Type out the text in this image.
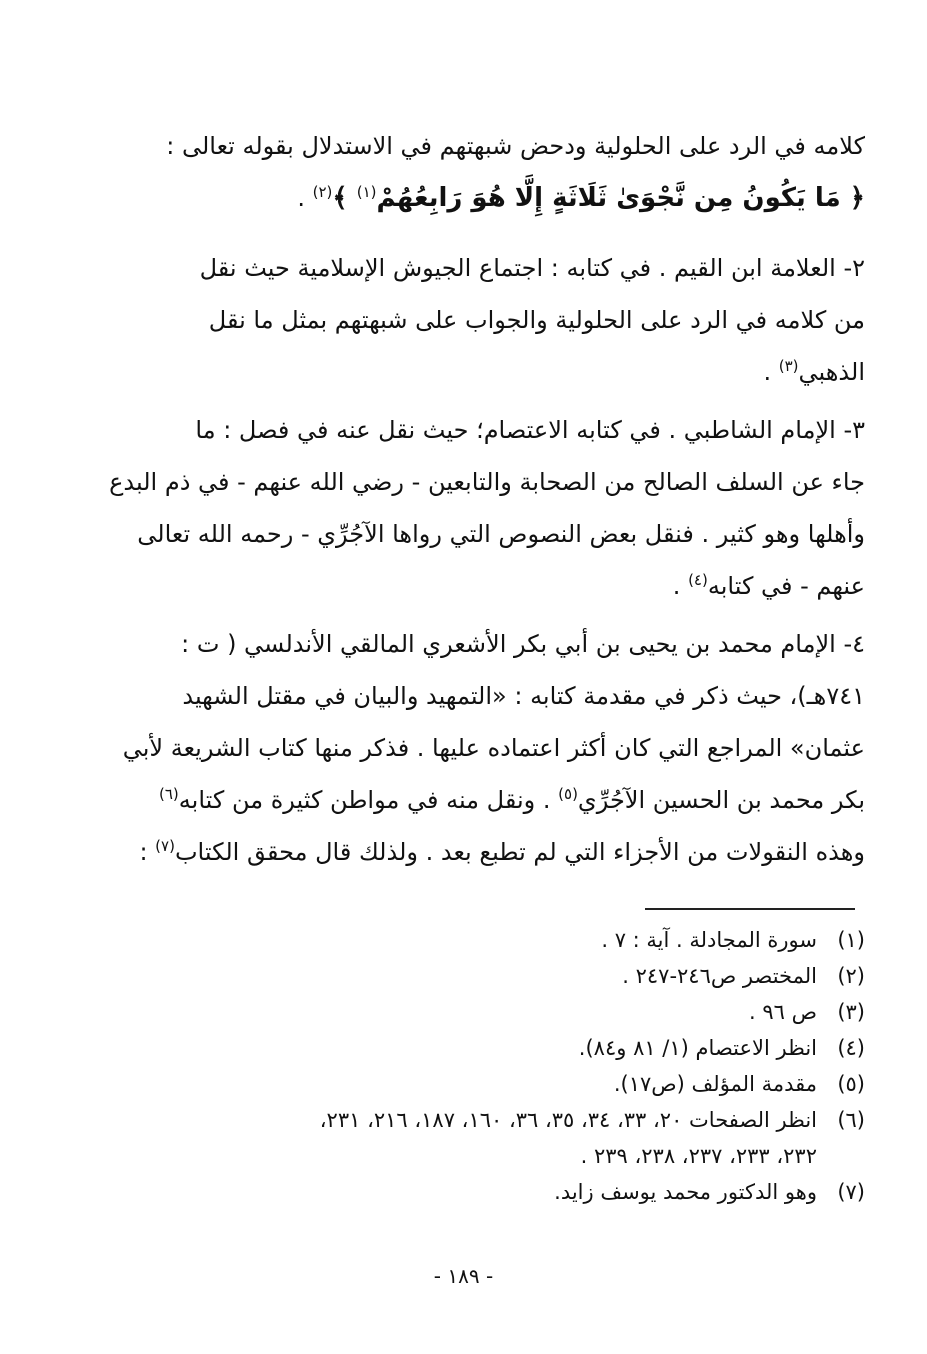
كلامه في الرد على الحلولية ودحض شبهتهم في الاستدلال بقوله تعالى :
﴿ مَا يَكُونُ مِن نَّجْوَىٰ ثَلَاثَةٍ إِلَّا هُوَ رَابِعُهُمْ$^{(١)}$ ﴾$^{(٢)}$ .
٢- العلامة ابن القيم . في كتابه : اجتماع الجيوش الإسلامية حيث نقل
من كلامه في الرد على الحلولية والجواب على شبهتهم بمثل ما نقل
الذهبي$^{(٣)}$ .
٣- الإمام الشاطبي . في كتابه الاعتصام؛ حيث نقل عنه في فصل : ما
جاء عن السلف الصالح من الصحابة والتابعين - رضي الله عنهم - في ذم البدع
وأهلها وهو كثير . فنقل بعض النصوص التي رواها الآجُرِّي - رحمه الله تعالى
عنهم - في كتابه$^{(٤)}$ .
٤- الإمام محمد بن يحيى بن أبي بكر الأشعري المالقي الأندلسي ( ت :
٧٤١هـ)، حيث ذكر في مقدمة كتابه : «التمهيد والبيان في مقتل الشهيد
عثمان» المراجع التي كان أكثر اعتماده عليها . فذكر منها كتاب الشريعة لأبي
بكر محمد بن الحسين الآجُرِّي$^{(٥)}$ . ونقل منه في مواطن كثيرة من كتابه$^{(٦)}$
وهذه النقولات من الأجزاء التي لم تطبع بعد . ولذلك قال محقق الكتاب$^{(٧)}$ :
(١)
سورة المجادلة . آية : ٧ .
(٢)
المختصر ص٢٤٦-٢٤٧ .
(٣)
ص ٩٦ .
(٤)
انظر الاعتصام (١/ ٨١ و٨٤).
(٥)
مقدمة المؤلف (ص١٧).
(٦)
انظر الصفحات ٢٠، ٣٣، ٣٤، ٣٥، ٣٦، ١٦٠، ١٨٧، ٢١٦، ٢٣١،
٢٣٢، ٢٣٣، ٢٣٧، ٢٣٨، ٢٣٩ .
(٧)
وهو الدكتور محمد يوسف زايد.
- ١٨٩ -
